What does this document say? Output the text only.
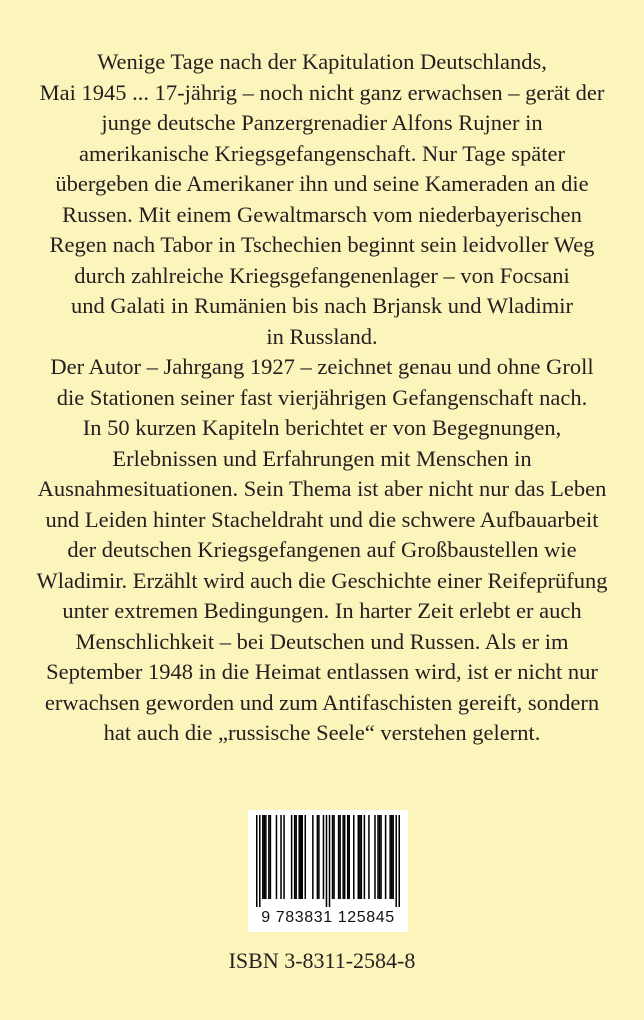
Wenige Tage nach der Kapitulation Deutschlands,
Mai 1945 ... 17-jährig – noch nicht ganz erwachsen – gerät der
junge deutsche Panzergrenadier Alfons Rujner in
amerikanische Kriegsgefangenschaft. Nur Tage später
übergeben die Amerikaner ihn und seine Kameraden an die
Russen. Mit einem Gewaltmarsch vom niederbayerischen
Regen nach Tabor in Tschechien beginnt sein leidvoller Weg
durch zahlreiche Kriegsgefangenenlager – von Focsani
und Galati in Rumänien bis nach Brjansk und Wladimir
in Russland.
Der Autor – Jahrgang 1927 – zeichnet genau und ohne Groll
die Stationen seiner fast vierjährigen Gefangenschaft nach.
In 50 kurzen Kapiteln berichtet er von Begegnungen,
Erlebnissen und Erfahrungen mit Menschen in
Ausnahmesituationen. Sein Thema ist aber nicht nur das Leben
und Leiden hinter Stacheldraht und die schwere Aufbauarbeit
der deutschen Kriegsgefangenen auf Großbaustellen wie
Wladimir. Erzählt wird auch die Geschichte einer Reifeprüfung
unter extremen Bedingungen. In harter Zeit erlebt er auch
Menschlichkeit – bei Deutschen und Russen. Als er im
September 1948 in die Heimat entlassen wird, ist er nicht nur
erwachsen geworden und zum Antifaschisten gereift, sondern
hat auch die „russische Seele“ verstehen gelernt.
9 783831 125845
ISBN 3-8311-2584-8
